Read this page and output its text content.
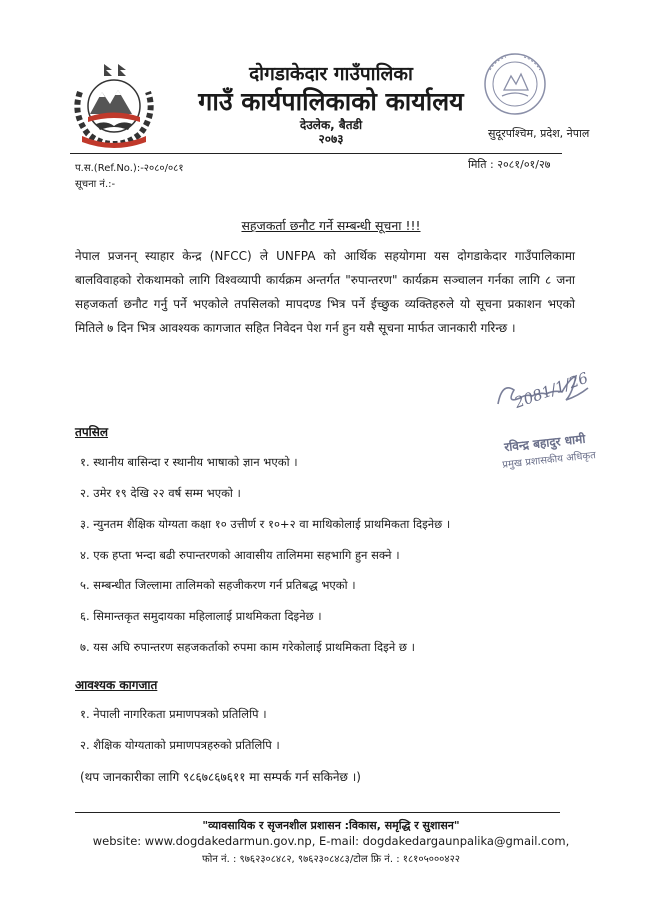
दोगडाकेदार गाउँपालिका
गाउँ कार्यपालिकाको कार्यालय
देउलेक, बैतडी
२०७३	सुदूरपश्चिम, प्रदेश, नेपाल
प.स.(Ref.No.):-२०८०/०८१
सूचना नं.:-
मिति : २०८१/०१/२७
सहजकर्ता छनौट गर्ने सम्बन्धी सूचना !!!
नेपाल प्रजनन् स्याहार केन्द्र (NFCC) ले UNFPA को आर्थिक सहयोगमा यस दोगडाकेदार गाउँपालिकामा बालविवाहको रोकथामको लागि विश्वव्यापी कार्यक्रम अन्तर्गत "रुपान्तरण" कार्यक्रम सञ्चालन गर्नका लागि ८ जना सहजकर्ता छनौट गर्नु पर्ने भएकोले तपसिलको मापदण्ड भित्र पर्ने ईच्छुक व्यक्तिहरुले यो सूचना प्रकाशन भएको मितिले ७ दिन भित्र आवश्यक कागजात सहित निवेदन पेश गर्न हुन यसै सूचना मार्फत जानकारी गरिन्छ ।
2081/1/26
रविन्द्र बहादुर धामी
प्रमुख प्रशासकीय अधिकृत
तपसिल
१. स्थानीय बासिन्दा र स्थानीय भाषाको ज्ञान भएको ।
२. उमेर १९ देखि २२ वर्ष सम्म भएको ।
३. न्युनतम शैक्षिक योग्यता कक्षा १० उत्तीर्ण र १०+२ वा माथिकोलाई प्राथमिकता दिइनेछ ।
४. एक हप्ता भन्दा बढी रुपान्तरणको आवासीय तालिममा सहभागि हुन सक्ने ।
५. सम्बन्धीत जिल्लामा तालिमको सहजीकरण गर्न प्रतिबद्ध भएको ।
६. सिमान्तकृत समुदायका महिलालाई प्राथमिकता दिइनेछ ।
७. यस अघि रुपान्तरण सहजकर्ताको रुपमा काम गरेकोलाई प्राथमिकता दिइने छ ।
आवश्यक कागजात
१. नेपाली नागरिकता प्रमाणपत्रको प्रतिलिपि ।
२. शैक्षिक योग्यताको प्रमाणपत्रहरुको प्रतिलिपि ।
(थप जानकारीका लागि ९८६७८६७६११ मा सम्पर्क गर्न सकिनेछ ।)
"व्यावसायिक र सृजनशील प्रशासन :विकास, समृद्धि र सुशासन"
website: www.dogdakedarmun.gov.np, E-mail: dogdakedargaunpalika@gmail.com,
फोन नं. : ९७६२३०८४८२, ९७६२३०८४८३/टोल फ्रि नं. : १८१०५०००४२२
